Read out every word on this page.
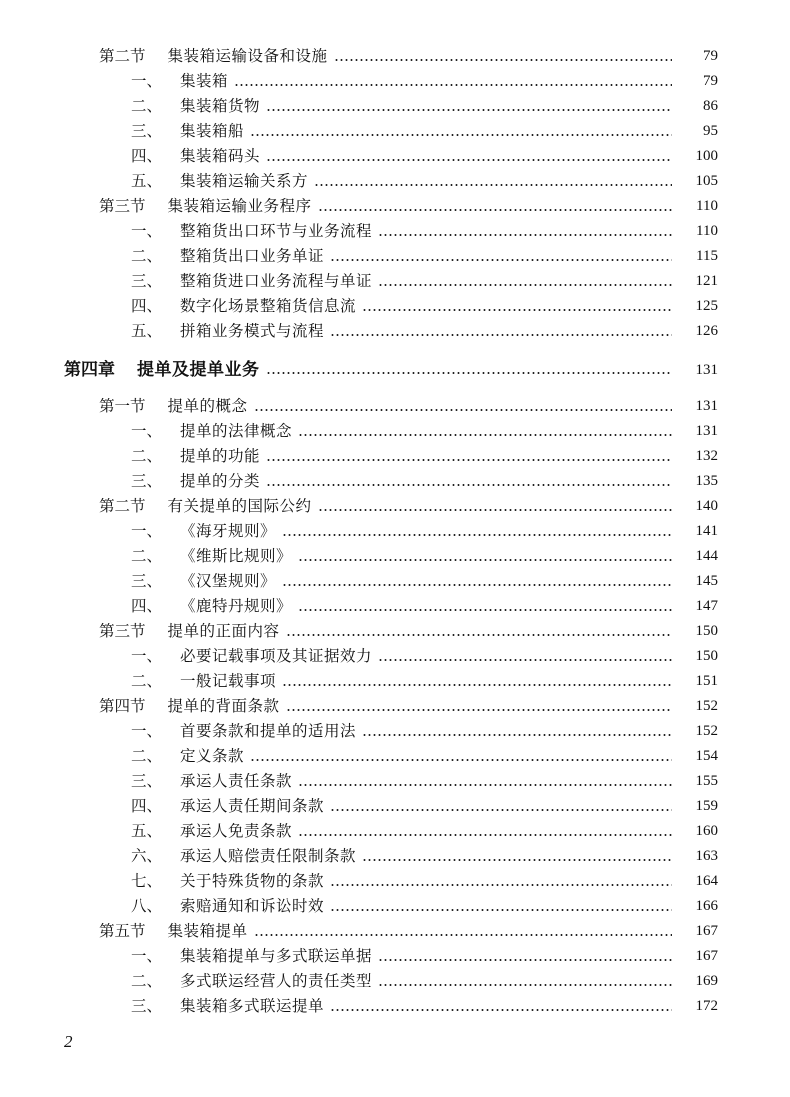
第二节 集装箱运输设备和设施	79
一、 集装箱	79
二、 集装箱货物	86
三、 集装箱船	95
四、 集装箱码头	100
五、 集装箱运输关系方	105
第三节 集装箱运输业务程序	110
一、 整箱货出口环节与业务流程	110
二、 整箱货出口业务单证	115
三、 整箱货进口业务流程与单证	121
四、 数字化场景整箱货信息流	125
五、 拼箱业务模式与流程	126
第四章 提单及提单业务	131
第一节 提单的概念	131
一、 提单的法律概念	131
二、 提单的功能	132
三、 提单的分类	135
第二节 有关提单的国际公约	140
一、 《海牙规则》	141
二、 《维斯比规则》	144
三、 《汉堡规则》	145
四、 《鹿特丹规则》	147
第三节 提单的正面内容	150
一、 必要记载事项及其证据效力	150
二、 一般记载事项	151
第四节 提单的背面条款	152
一、 首要条款和提单的适用法	152
二、 定义条款	154
三、 承运人责任条款	155
四、 承运人责任期间条款	159
五、 承运人免责条款	160
六、 承运人赔偿责任限制条款	163
七、 关于特殊货物的条款	164
八、 索赔通知和诉讼时效	166
第五节 集装箱提单	167
一、 集装箱提单与多式联运单据	167
二、 多式联运经营人的责任类型	169
三、 集装箱多式联运提单	172
2
